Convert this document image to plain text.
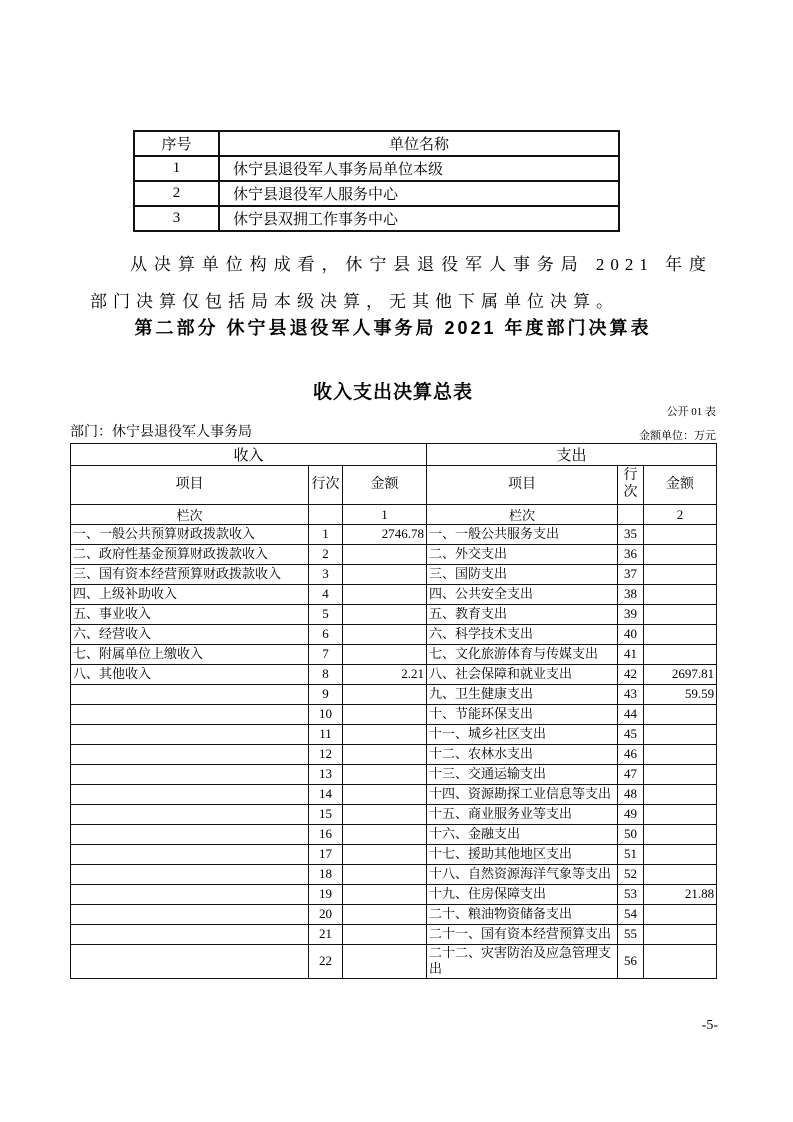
序号	单位名称
1	休宁县退役军人事务局单位本级
2	休宁县退役军人服务中心
3	休宁县双拥工作事务中心

从决算单位构成看，休宁县退役军人事务局 2021 年度部门决算仅包括局本级决算，无其他下属单位决算。

第二部分 休宁县退役军人事务局 2021 年度部门决算表
收入支出决算总表
公开 01 表
部门：休宁县退役军人事务局	金额单位：万元
收入			支出		
项目	行次	金额	项目	行次	金额
栏次		1	栏次		2
一、一般公共预算财政拨款收入	1	2746.78	一、一般公共服务支出	35	
二、政府性基金预算财政拨款收入	2		二、外交支出	36	
三、国有资本经营预算财政拨款收入	3		三、国防支出	37	
四、上级补助收入	4		四、公共安全支出	38	
五、事业收入	5		五、教育支出	39	
六、经营收入	6		六、科学技术支出	40	
七、附属单位上缴收入	7		七、文化旅游体育与传媒支出	41	
八、其他收入	8	2.21	八、社会保障和就业支出	42	2697.81
	9		九、卫生健康支出	43	59.59
	10		十、节能环保支出	44	
	11		十一、城乡社区支出	45	
	12		十二、农林水支出	46	
	13		十三、交通运输支出	47	
	14		十四、资源勘探工业信息等支出	48	
	15		十五、商业服务业等支出	49	
	16		十六、金融支出	50	
	17		十七、援助其他地区支出	51	
	18		十八、自然资源海洋气象等支出	52	
	19		十九、住房保障支出	53	21.88
	20		二十、粮油物资储备支出	54	
	21		二十一、国有资本经营预算支出	55	
	22		二十二、灾害防治及应急管理支出	56	
-5-
